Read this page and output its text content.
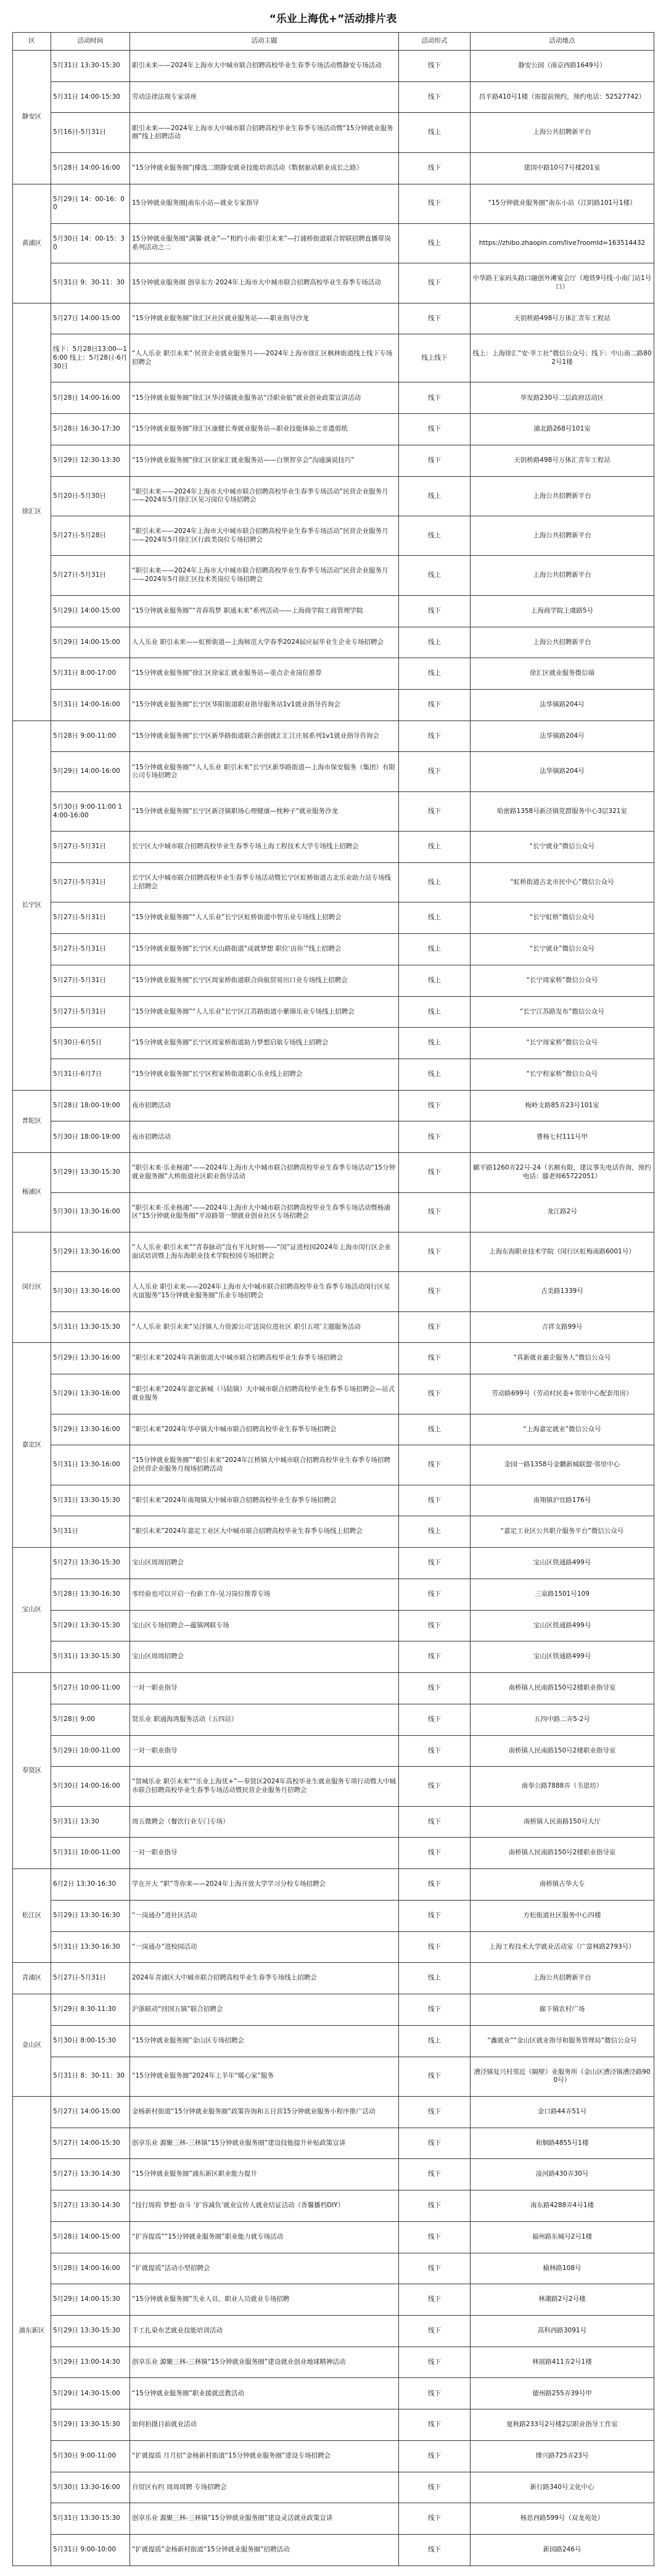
“乐业上海优+”活动排片表
区	活动时间	活动主题	活动形式	活动地点
静安区	5月31日 13:30-15:30	职引未来——2024年上海市大中城市联合招聘高校毕业生春季专场活动暨静安专场活动	线下	静安公园（南京西路1649号）
	5月31日 14:00-15:30	劳动法律法规专家讲座	线下	昌平路410号1楼（需提前预约，预约电话：52527742）
	5月16日-5月31日	职引未来——2024年上海市大中城市联合招聘高校毕业生春季专场活动暨“15分钟就业服务圈”线上招聘活动	线上	上海公共招聘新平台
	5月28日 14:00-16:00	“15分钟就业服务圈”|臻选二期静安就业技能培训活动《数据驱动职业成长之路》	线下	建国中路10号7号楼201室
黄浦区	5月29日 14：00-16：00	15分钟就业服务圈|南东小站—就业专家指导	线下	“15分钟就业服务圈”南东小站（江阴路101号1楼）
	5月30日 14：00-15：30	15分钟就业服务圈“满馨·就业”—“相约小南·职引未来”—打浦桥街道联合智联招聘直播带岗系列活动之二	线上	https://zhibo.zhaopin.com/live?roomId=163514432
	5月31日 9：30-11：30	15分钟就业服务圈 创享东方·2024年上海市大中城市联合招聘高校毕业生春季专场活动	线下	中华路王家码头路口融创外滩宴会厅（地铁9号线·小南门站1号口）
徐汇区	5月27日 14:00-15:00	“15分钟就业服务圈”徐汇区社区就业服务站——职业指导沙龙	线下	天钥桥路498号万体汇青年工程站
	线下：5月28日13:00—16:00 线上：5月28日-6月30日	“人人乐业 职引未来”·民营企业就业服务月——2024年上海市徐汇区枫林街道线上线下专场招聘会	线上线下	线上：上海徐汇“安·幸工社”微信公众号；线下：中山南二路802号1楼
	5月28日 14:00-16:00	“15分钟就业服务圈”徐汇区华泾镇就业服务站“泾职业航”就业创业政策宣讲活动	线下	华发路230号二层政府活动区
	5月28日 16:30-17:30	“15分钟就业服务圈”徐汇区康健长寿就业服务站—职业技能体验之非遗剪纸	线下	浦北路268号101室
	5月29日 12:30-13:30	“15分钟就业服务圈”徐汇区徐家汇就业服务站——白领智享会“沟通演说技巧”	线下	天钥桥路498号万体汇青年工程站
	5月20日-5月30日	“职引未来——2024年上海市大中城市联合招聘高校毕业生春季专场活动”民营企业服务月——2024年5月徐汇区见习岗位专场招聘会	线上	上海公共招聘新平台
	5月27日-5月28日	“职引未来——2024年上海市大中城市联合招聘高校毕业生春季专场活动”民营企业服务月——2024年5月徐汇区行政类岗位专场招聘会	线上	上海公共招聘新平台
	5月27日-5月31日	“职引未来——2024年上海市大中城市联合招聘高校毕业生春季专场活动”民营企业服务月——2024年5月徐汇区技术类岗位专场招聘会	线上	上海公共招聘新平台
	5月29日 14:00-15:00	“15分钟就业服务圈”“青春筑梦 职通未来”系列活动——上海商学院工商管理学院	线下	上海商学院上虞路5号
	5月29日 14:00-15:00	人人乐业 职引未来——虹桥街道—上海师范大学春季2024届应届毕业生企业专场招聘会	线上	上海公共招聘新平台
	5月31日 8:00-17:00	“15分钟就业服务圈”徐汇区徐家汇就业服务站—重点企业岗位推荐	线上	徐汇区就业服务微信端
	5月31日 14:00-16:00	“15分钟就业服务圈”长宁区华阳街道职业指导服务站1v1就业指导咨询会	线下	法华镇路204号
长宁区	5月28日 9:00-11:00	“15分钟就业服务圈”长宁区新华路街道联合新创就汇汇江庄展系列1v1就业指导咨询会	线下	法华镇路204号
	5月29日 14:00-16:00	“15分钟就业服务圈”“人人乐业 职引未来”长宁区新华路街道—上海市保安服务（集团）有限公司专场招聘会	线下	法华镇路204号
	5月30日 9:00-11:00 14:00-16:00	“15分钟就业服务圈”长宁区新泾镇职场心理健康—枕种子“就业服务沙龙	线下	哈密路1358号新泾镇党群服务中心3层321室
	5月27日-5月31日	长宁区大中城市联合招聘高校毕业生春季专场上海工程技术大学专场线上招聘会	线上	“长宁就业”微信公众号
	5月27日-5月31日	长宁区大中城市联合招聘高校毕业生春季专场活动暨长宁区虹桥街道古北乐业助力站专场线上招聘会	线上	“虹桥街道古北市民中心”微信公众号
	5月27日-5月31日	“15分钟就业服务圈”“人人乐业”长宁区虹桥街道中智乐业专场线上招聘会	线上	“长宁虹桥”微信公众号
	5月27日-5月31日	“15分钟就业服务圈”长宁区天山路街道“成就梦想 职位‘由你’”线上招聘会	线上	“长宁就业”微信公众号
	5月27日-5月31日	“15分钟就业服务圈”长宁区周家桥街道联合尚航贸易出口业专场线上招聘会	线上	“长宁周家桥”微信公众号
	5月27日-5月31日	“15分钟就业服务圈”“人人乐业”长宁区江苏路街道小紫锦乐业专场线上招聘会	线上	“长宁江苏路发布”微信公众号
	5月30日-6月5日	“15分钟就业服务圈”长宁区周家桥街道助力梦想启航专场线上招聘会	线上	“长宁周家桥”微信公众号
	5月31日-6月7日	“15分钟就业服务圈”长宁区程家桥街道职心乐业线上招聘会	线上	“长宁程家桥”微信公众号
普陀区	5月28日 18:00-19:00	夜市招聘活动	线下	梅岭支路85弄23号101室
	5月30日 18:00-19:00	夜市招聘活动	线下	曹杨七村111号甲
杨浦区	5月29日 13:30-15:30	“职引未来·乐业杨浦”——2024年上海市大中城市联合招聘高校毕业生春季专场活动“15分钟就业服务圈”大桥街道社区职业指导活动	线下	麒平路1260弄22号-24（名额有限，建议事先电话咨询，预约电话：滕老师65722051）
	5月30日 13:30-16:00	“职引未来·乐业杨浦”——2024年上海市大中城市联合招聘高校毕业生春季专场活动暨杨浦区“15分钟就业服务圈”平凉路第一期就业创业社区专场招聘会	线下	龙江路2号
闵行区	5月29日 13:30-16:00	“人人乐业·职引未来”“青春脉动”没有平凡时刻——“闵”证进校园2024年上海市闵行区企业面试培训暨上海东海职业技术学院校园专场招聘会	线下	上海东海职业技术学院（闵行区虹梅南路6001号）
	5月30日 13:30-16:00	人人乐业 职引未来——2024年上海市大中城市联合招聘高校毕业生春季专场活动闵行区星火谊服务“15分钟就业服务圈”乐业专场招聘会	线下	古美路1339号
	5月31日 13:30-15:30	“人人乐业 职引未来”吴泾镇人力资源公司‘送岗位进社区 职引五项’主题服务活动	线下	吉祥支路99号
嘉定区	5月29日 13:30-16:00	“职引未来”2024年真新街道大中城市联合招聘高校毕业生春季专场招聘会	线下	“真新就业惠企服务人”微信公众号
	5月29日 13:30-16:00	“职引未来”2024年嘉定新城（马陆镇）大中城市联合招聘高校毕业生春季专场招聘会—站式就业服务	线下	劳动路699号（劳动村民委+邻里中心配套用房）
	5月29日 13:30-16:00	“职引未来”2024年华亭镇大中城市联合招聘高校毕业生春季专场招聘会	线上	“上海嘉定就业”微信公众号
	5月31日 13:30-16:00	“15分钟就业服务圈”“职引未来”2024年江桥镇大中城市联合招聘高校毕业生春季专场招聘会民营企业服务月现场招聘活动	线下	金园一路1358号金鹏新城联盟·邻里中心
	5月31日 13:30-15:30	“职引未来”2024年南翔镇大中城市联合招聘高校毕业生春季专场招聘会	线下	南翔镇沪宜路176号
	5月31日	“职引未来”2024年嘉定工业区大中城市联合招聘高校毕业生春季专场线上招聘会	线上	“嘉定工业区公共职介服务平台”微信公众号
宝山区	5月27日 13:30-15:30	宝山区周周招聘会	线下	宝山区铁通路499号
	5月28日 13:30-16:30	零经验也可以开启一份新工作-见习岗位推荐专场	线下	三泉路1501号109
	5月29日 13:30-15:30	宝山区专场招聘会—蕴镇网联专场	线下	宝山区铁通路499号
	5月31日 13:30-15:30	宝山区周周招聘会	线下	宝山区铁通路499号
奉贤区	5月27日 10:00-11:00	一对一职业指导	线下	南桥镇人民南路150号2楼职业指导室
	5月28日 9:00	贤乐业 职通海湾服务活动（五四站）	线下	五四中路二弄5-2号
	5月29日 10:00-11:00	一对一职业指导	线下	南桥镇人民南路150号2楼职业指导室
	5月30日 14:00-16:00	“贤城乐业 职引未来”“乐业上海优+”—奉贤区2024年高校毕业生就业服务专项行动暨大中城市联合招聘高校毕业生春季专场活动暨民营企业服务月招聘会	线下	南奉公路7888弄（韦恩坊）
	5月31日 13:30	周五微聘会（餐饮行业专门专场）	线下	南桥镇人民南路150号大厅
	5月31日 10:00-11:00	一对一职业指导	线下	南桥镇人民南路150号2楼职业指导室
松江区	6月2日 13:30-16:30	学在开大 “职”等你来——2024年上海开放大学学习分校专场招聘会	线下	南桥镇古华大专
	5月29日 13:30-16:30	“一岗通办”进社区活动	线下	方松街道社区服务中心四楼
	5月31日 13:30-16:30	“一岗通办”进校园活动	线下	上海工程技术大学就业活动室（广富林路2793号）
青浦区	5月27日-5月31日	2024年青浦区大中城市联合招聘高校毕业生春季专场线上招聘会	线上	上海公共招聘新平台
金山区	5月29日 8:30-11:30	沪浙联动“回国五镇”联合招聘会	线下	廊下镇农村广场
	5月30日 8:00-15:30	“15分钟就业服务圈”金山区专场招聘会	线上	“鑫就业”“金山区就业指导和服务管理局”微信公众号
	5月31日 8：30-11：30	“15分钟就业服务圈”2024年上半年“暖心家”服务	线下	漕泾镇复兴村邻近（隔壁）业服务所（金山区漕泾镇漕泾路900号）
浦东新区	5月27日 14:00-15:00	金杨新村街道“15分钟就业服务圈”政策咨询和五日营15分钟就业服务小程序推广活动	线下	金口路44弄51号
	5月27日 14:00-15:30	创享乐业 源聚三林-三林镇“15分钟就业服务圈”建设技能提升补贴政策宣讲	线下	和炯路4855号1楼
	5月27日 13:30-14:30	“15分钟就业服务圈”浦东新区职业能力提升	线下	凌河路430弄30号
	5月27日 13:30-14:30	“技行周荷 梦想·奋斗 ‘扩容减负’就业宣传人就业结证活动（香馨播档DIY）	线下	南东路4288弄4号1楼
	5月28日 14:00-15:00	“扩容提质”“15分钟就业服务圈”职业能力就专场活动	线下	福州路东城号2号1楼
	5月28日 14:00-16:00	“扩就提质”活动小型招聘会	线下	榆林路108号
	5月29日 14:00-15:30	“15分钟就业服务圈”失业人员、职业人员就业专场招聘	线下	林潮路2号2号楼
	5月29日 13:30-15:30	手工扎染布艺就业技能培训活动	线下	高科西路3091号
	5月29日 13:00-14:30	创享乐业 源聚三林-三林镇“15分钟就业服务圈”建设就业创业地球精神活动	线下	林展路411弄2号1楼
	5月29日 14:30-15:00	“15分钟就业服务圈”职业援就送教活动	线下	德州路255弄39号甲
	5月29日 13:30-15:30	如何拍摄目前就业活动	线下	夏秋路233号2号楼2层职业指导工作室
	5月30日 9:00-11:00	“扩就提质 月月招”金杨新村街道“15分钟就业服务圈”建设专场招聘会	线下	博兴路725弄23号
	5月30日 13:30-16:00	自贸区有约 周周周聘 专场招聘会	线下	新行路340号文化中心
	5月31日 13:30-15:30	创享乐业 源聚三林-三林镇“15分钟就业服务圈”建设灵活就业政策宣讲	线下	杨思西路599号（双龙苑处）
	5月31日 9:00-10:00	“扩就提质”金杨新村街道“15分钟就业服务圈”招聘活动	线下	新园路246号
